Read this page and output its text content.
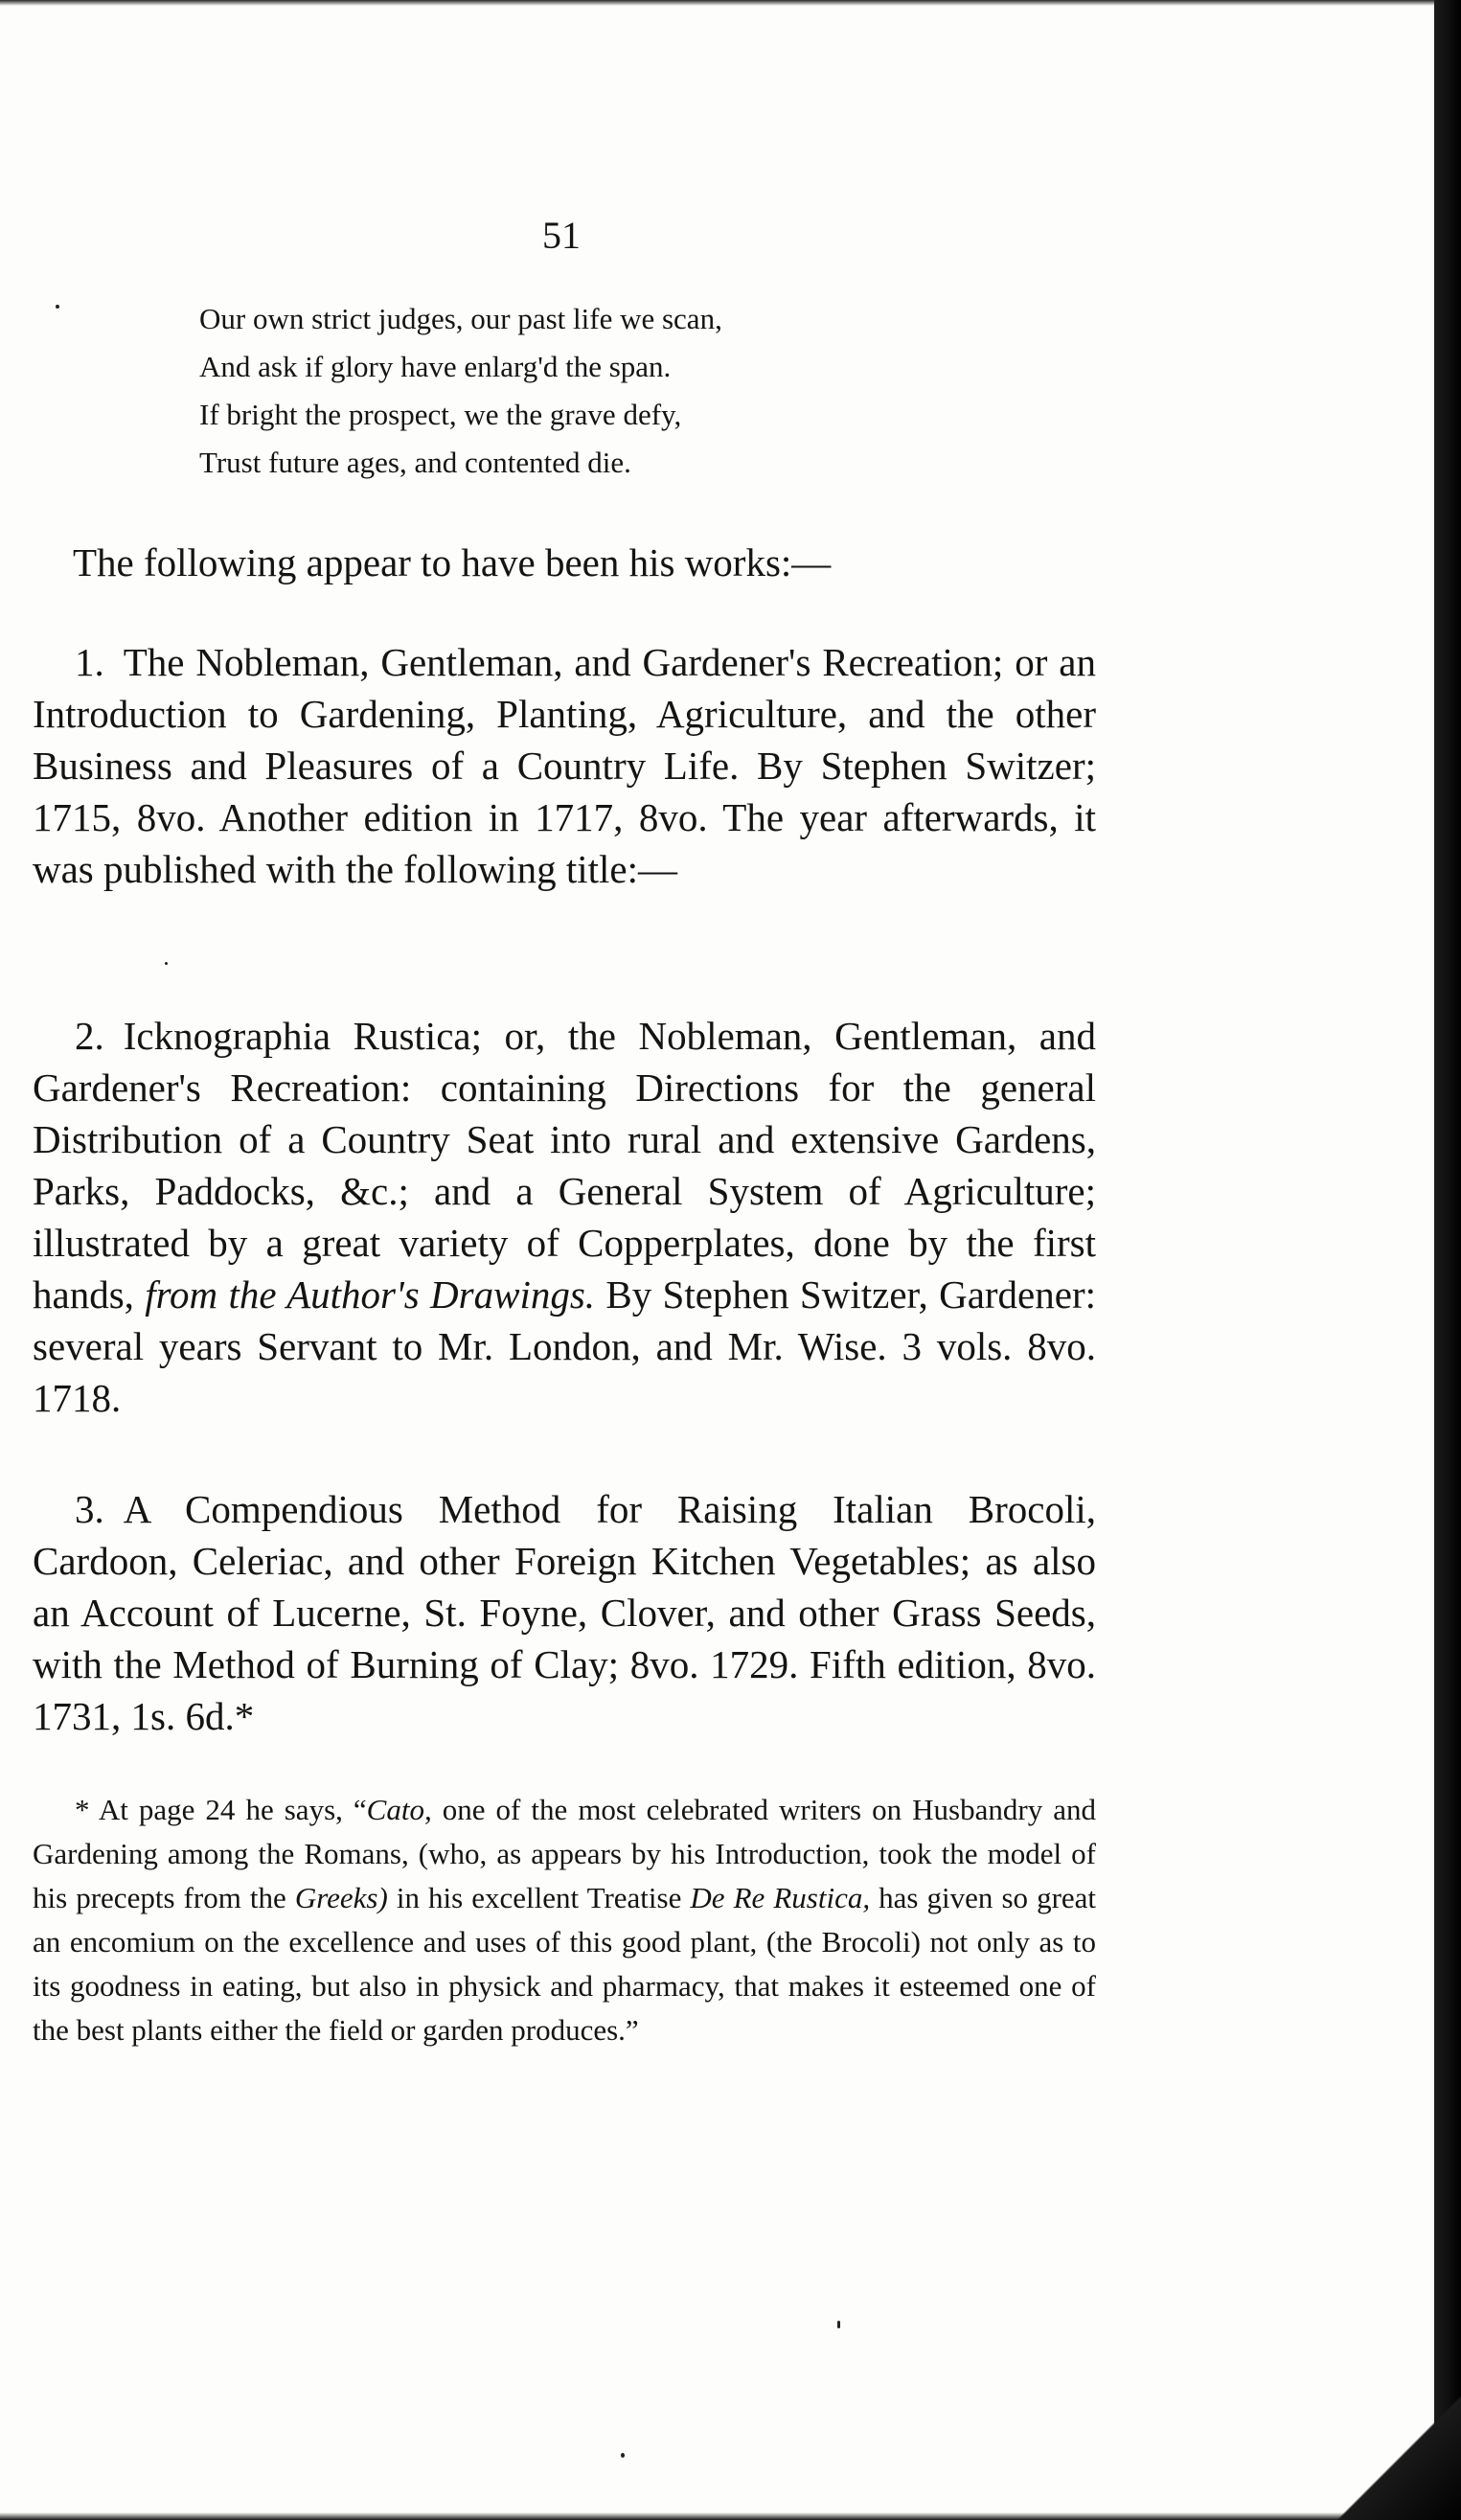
51
Our own strict judges, our past life we scan,
And ask if glory have enlarg'd the span.
If bright the prospect, we the grave defy,
Trust future ages, and contented die.
The following appear to have been his works:—
1. The Nobleman, Gentleman, and Gardener's Recreation; or an Introduction to Gardening, Planting, Agriculture, and the other Business and Pleasures of a Country Life. By Stephen Switzer; 1715, 8vo. Another edition in 1717, 8vo. The year afterwards, it was published with the following title:—
2. Icknographia Rustica; or, the Nobleman, Gentleman, and Gardener's Recreation: containing Directions for the general Distribution of a Country Seat into rural and extensive Gardens, Parks, Paddocks, &c.; and a General System of Agriculture; illustrated by a great variety of Copperplates, done by the first hands, from the Author's Drawings. By Stephen Switzer, Gardener: several years Servant to Mr. London, and Mr. Wise. 3 vols. 8vo. 1718.
3. A Compendious Method for Raising Italian Brocoli, Cardoon, Celeriac, and other Foreign Kitchen Vegetables; as also an Account of Lucerne, St. Foyne, Clover, and other Grass Seeds, with the Method of Burning of Clay; 8vo. 1729. Fifth edition, 8vo. 1731, 1s. 6d.*
* At page 24 he says, “Cato, one of the most celebrated writers on Husbandry and Gardening among the Romans, (who, as appears by his Introduction, took the model of his precepts from the Greeks) in his excellent Treatise De Re Rustica, has given so great an encomium on the excellence and uses of this good plant, (the Brocoli) not only as to its goodness in eating, but also in physick and pharmacy, that makes it esteemed one of the best plants either the field or garden produces.”
